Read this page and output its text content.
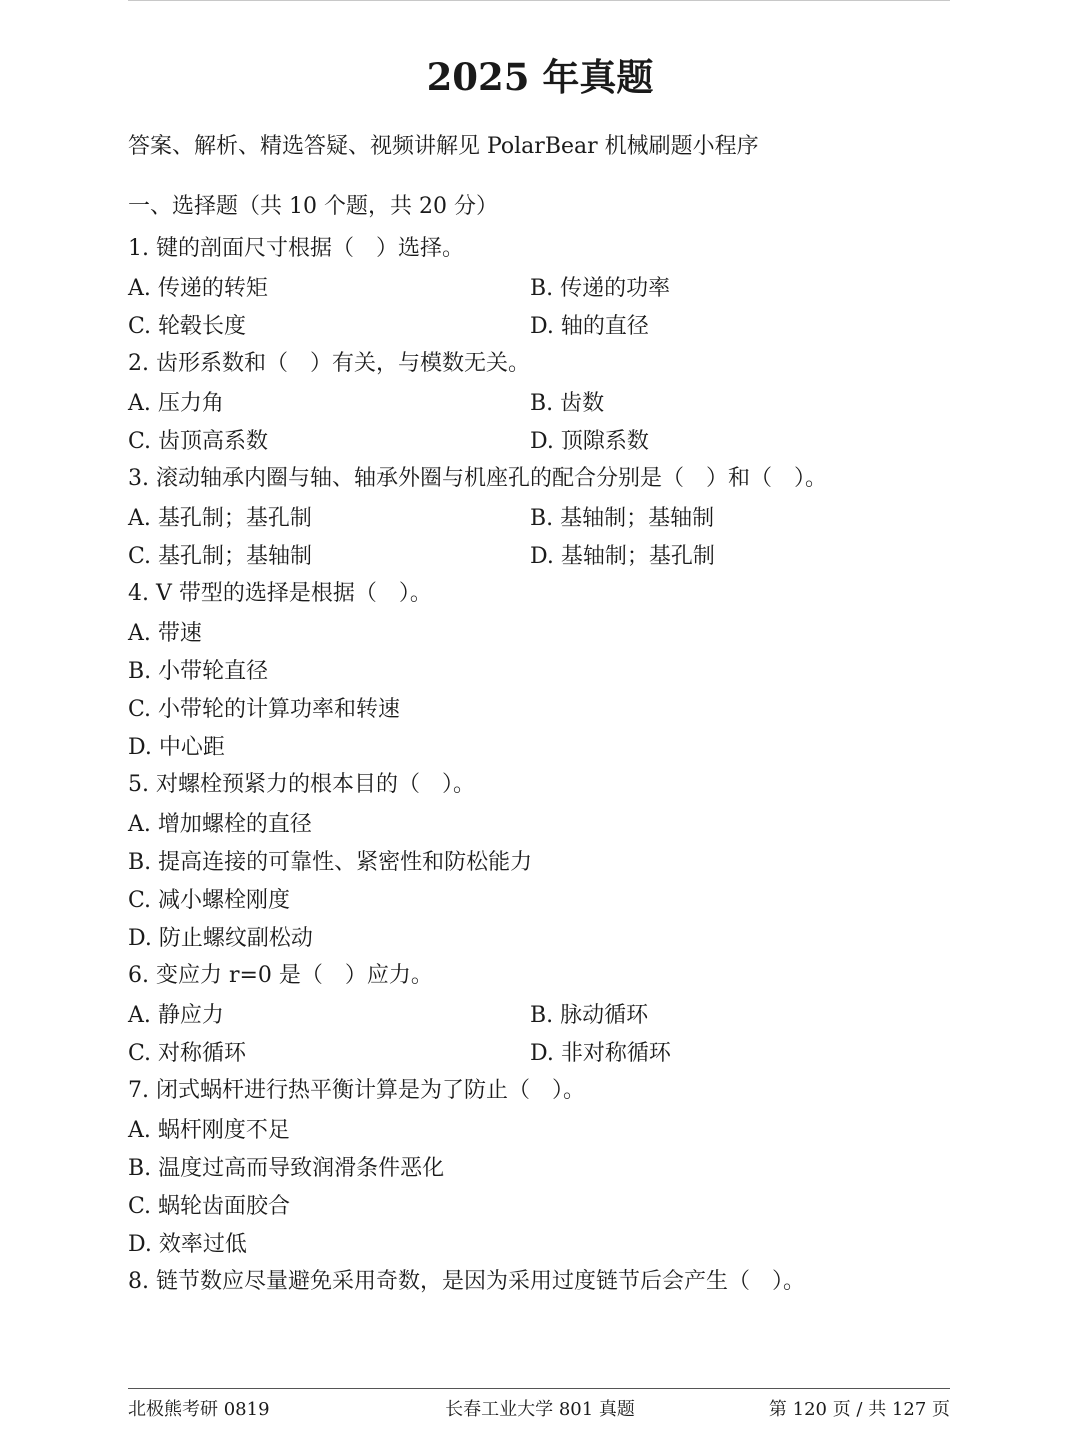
2025 年真题
答案、解析、精选答疑、视频讲解见 PolarBear 机械刷题小程序
一、选择题（共 10 个题，共 20 分）
1. 键的剖面尺寸根据（　）选择。
A. 传递的转矩	B. 传递的功率
C. 轮毂长度	D. 轴的直径
2. 齿形系数和（　）有关，与模数无关。
A. 压力角	B. 齿数
C. 齿顶高系数	D. 顶隙系数
3. 滚动轴承内圈与轴、轴承外圈与机座孔的配合分别是（　）和（　）。
A. 基孔制；基孔制	B. 基轴制；基轴制
C. 基孔制；基轴制	D. 基轴制；基孔制
4. V 带型的选择是根据（　）。
A. 带速
B. 小带轮直径
C. 小带轮的计算功率和转速
D. 中心距
5. 对螺栓预紧力的根本目的（　）。
A. 增加螺栓的直径
B. 提高连接的可靠性、紧密性和防松能力
C. 减小螺栓刚度
D. 防止螺纹副松动
6. 变应力 r=0 是（　）应力。
A. 静应力	B. 脉动循环
C. 对称循环	D. 非对称循环
7. 闭式蜗杆进行热平衡计算是为了防止（　）。
A. 蜗杆刚度不足
B. 温度过高而导致润滑条件恶化
C. 蜗轮齿面胶合
D. 效率过低
8. 链节数应尽量避免采用奇数，是因为采用过度链节后会产生（　）。
北极熊考研 0819	长春工业大学 801 真题	第 120 页 / 共 127 页
